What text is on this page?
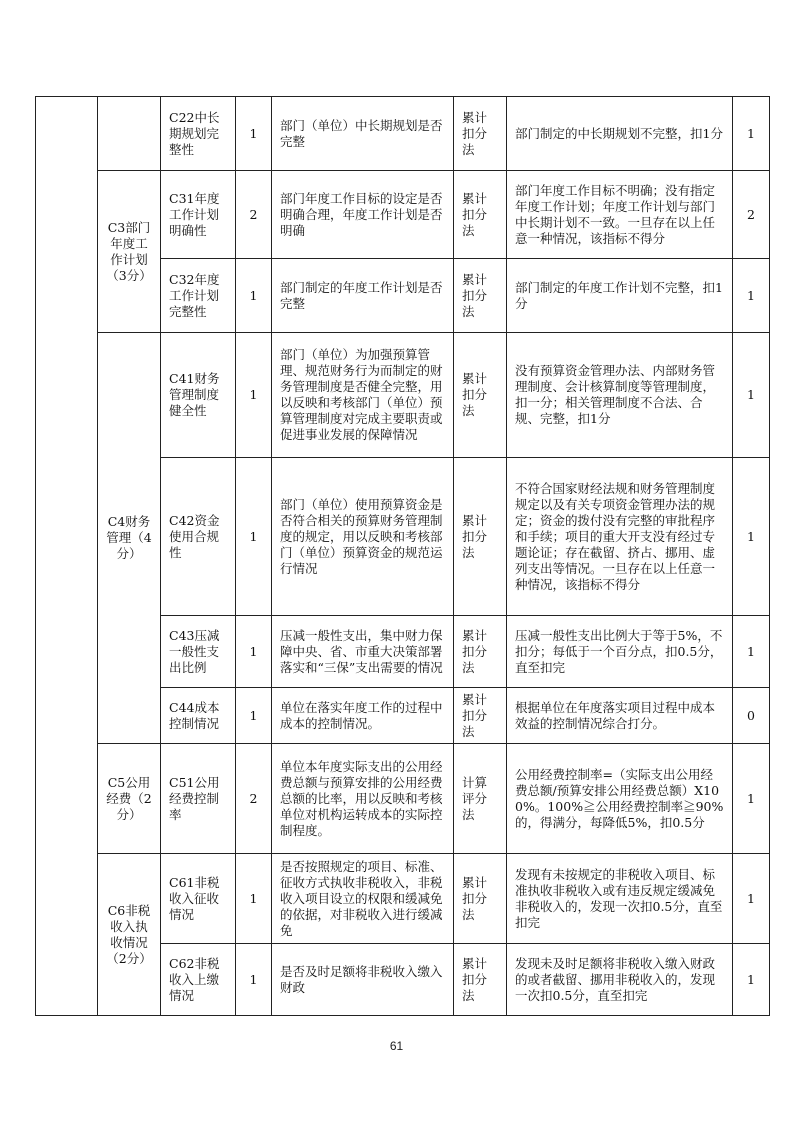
		C22中长期规划完整性	1	部门（单位）中长期规划是否完整	累计扣分法	部门制定的中长期规划不完整，扣1分	1
	C3部门年度工作计划（3分）	C31年度工作计划明确性	2	部门年度工作目标的设定是否明确合理，年度工作计划是否明确	累计扣分法	部门年度工作目标不明确；没有指定年度工作计划；年度工作计划与部门中长期计划不一致。一旦存在以上任意一种情况，该指标不得分	2
		C32年度工作计划完整性	1	部门制定的年度工作计划是否完整	累计扣分法	部门制定的年度工作计划不完整，扣1分	1
	C4财务管理（4分）	C41财务管理制度健全性	1	部门（单位）为加强预算管理、规范财务行为而制定的财务管理制度是否健全完整，用以反映和考核部门（单位）预算管理制度对完成主要职责或促进事业发展的保障情况	累计扣分法	没有预算资金管理办法、内部财务管理制度、会计核算制度等管理制度，扣一分；相关管理制度不合法、合规、完整，扣1分	1
		C42资金使用合规性	1	部门（单位）使用预算资金是否符合相关的预算财务管理制度的规定，用以反映和考核部门（单位）预算资金的规范运行情况	累计扣分法	不符合国家财经法规和财务管理制度规定以及有关专项资金管理办法的规定；资金的拨付没有完整的审批程序和手续；项目的重大开支没有经过专题论证；存在截留、挤占、挪用、虚列支出等情况。一旦存在以上任意一种情况，该指标不得分	1
		C43压减一般性支出比例	1	压减一般性支出，集中财力保障中央、省、市重大决策部署落实和“三保”支出需要的情况	累计扣分法	压减一般性支出比例大于等于5%，不扣分；每低于一个百分点，扣0.5分，直至扣完	1
		C44成本控制情况	1	单位在落实年度工作的过程中成本的控制情况。	累计扣分法	根据单位在年度落实项目过程中成本效益的控制情况综合打分。	0
	C5公用经费（2分）	C51公用经费控制率	2	单位本年度实际支出的公用经费总额与预算安排的公用经费总额的比率，用以反映和考核单位对机构运转成本的实际控制程度。	计算评分法	公用经费控制率=（实际支出公用经费总额/预算安排公用经费总额）X100%。100%≧公用经费控制率≧90%的，得满分，每降低5%，扣0.5分	1
	C6非税收入执收情况（2分）	C61非税收入征收情况	1	是否按照规定的项目、标准、征收方式执收非税收入，非税收入项目设立的权限和缓减免的依据，对非税收入进行缓减免	累计扣分法	发现有未按规定的非税收入项目、标准执收非税收入或有违反规定缓减免非税收入的，发现一次扣0.5分，直至扣完	1
		C62非税收入上缴情况	1	是否及时足额将非税收入缴入财政	累计扣分法	发现未及时足额将非税收入缴入财政的或者截留、挪用非税收入的，发现一次扣0.5分，直至扣完	1
61
